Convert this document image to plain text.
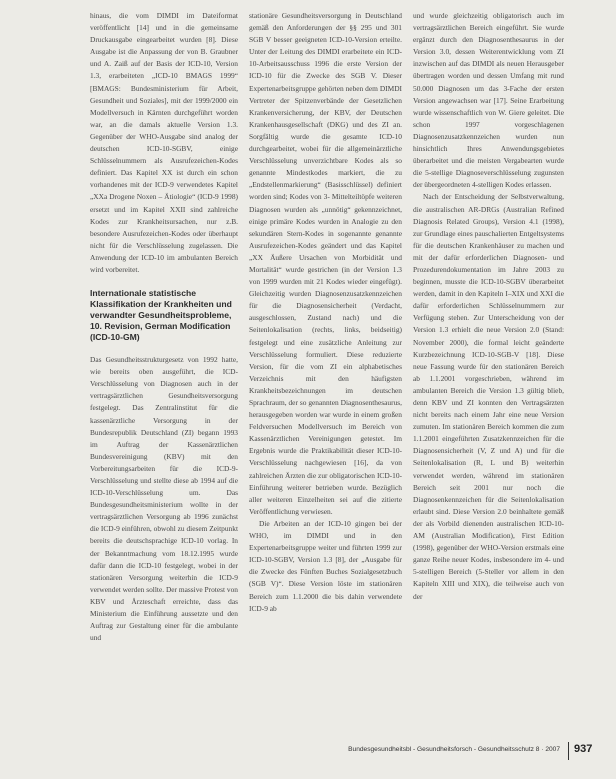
hinaus, die vom DIMDI im Dateiformat veröffentlicht [14] und in die gemeinsame Druckausgabe eingearbeitet wurden [8]. Diese Ausgabe ist die Anpassung der von B. Graubner und A. Zaiß auf der Basis der ICD-10, Version 1.3, erarbeiteten „ICD-10 BMAGS 1999“ [BMAGS: Bundesministerium für Arbeit, Gesundheit und Soziales], mit der 1999/2000 ein Modellversuch in Kärnten durchgeführt worden war, an die damals aktuelle Version 1.3. Gegenüber der WHO-Ausgabe sind analog der deutschen ICD-10-SGBV, einige Schlüsselnummern als Ausrufezeichen-Kodes definiert. Das Kapitel XX ist durch ein schon vorhandenes mit der ICD-9 verwendetes Kapitel „XXa Drogene Noxen – Ätiologie“ (ICD-9 1998) ersetzt und im Kapitel XXII sind zahlreiche Kodes zur Krankheitsursachen, nur z.B. besondere Ausrufezeichen-Kodes oder überhaupt nicht für die Verschlüsselung zugelassen. Die Anwendung der ICD-10 im ambulanten Bereich wird vorbereitet.

Internationale statistische Klassifikation der Krankheiten und verwandter Gesundheitsprobleme, 10. Revision, German Modification (ICD-10-GM)

Das Gesundheitsstrukturgesetz von 1992 hatte, wie bereits oben ausgeführt, die ICD-Verschlüsselung von Diagnosen auch in der vertragsärztlichen Gesundheitsversorgung festgelegt. Das Zentralinstitut für die kassenärztliche Versorgung in der Bundesrepublik Deutschland (ZI) begann 1993 im Auftrag der Kassenärztlichen Bundesvereinigung (KBV) mit den Vorbereitungsarbeiten für die ICD-9-Verschlüsselung und stellte diese ab 1994 auf die ICD-10-Verschlüsselung um. Das Bundesgesundheitsministerium wollte in der vertragsärztlichen Versorgung ab 1996 zunächst die ICD-9 einführen, obwohl zu diesem Zeitpunkt bereits die deutschsprachige ICD-10 vorlag. In der Bekanntmachung vom 18.12.1995 wurde dafür dann die ICD-10 festgelegt, wobei in der stationären Versorgung weiterhin die ICD-9 verwendet werden sollte. Der massive Protest von KBV und Ärzteschaft erreichte, dass das Ministerium die Einführung aussetzte und den Auftrag zur Gestaltung einer für die ambulante und

stationäre Gesundheitsversorgung in Deutschland gemäß den Anforderungen der §§ 295 und 301 SGB V besser geeigneten ICD-10-Version erteilte. Unter der Leitung des DIMDI erarbeitete ein ICD-10-Arbeitsausschuss 1996 die erste Version der ICD-10 für die Zwecke des SGB V. Dieser Expertenarbeitsgruppe gehörten neben dem DIMDI Vertreter der Spitzenverbände der Gesetzlichen Krankenversicherung, der KBV, der Deutschen Krankenhausgesellschaft (DKG) und des ZI an. Sorgfältig wurde die gesamte ICD-10 durchgearbeitet, wobei für die allgemeinärztliche Verschlüsselung unverzichtbare Kodes als so genannte Mindestkodes markiert, die zu „Endstellenmarkierung“ (Basisschlüssel) definiert worden sind; Kodes von 3- Mittelteiltöpfe weiteren Diagnosen wurden als „unnötig“ gekennzeichnet, einige primäre Kodes wurden in Analogie zu den sekundären Stern-Kodes in sogenannte genannte Ausrufezeichen-Kodes geändert und das Kapitel „XX Äußere Ursachen von Morbidität und Mortalität“ wurde gestrichen (in der Version 1.3 von 1999 wurden mit 21 Kodes wieder eingefügt). Gleichzeitig wurden Diagnosenzusatzkennzeichen für die Diagnosensicherheit (Verdacht, ausgeschlossen, Zustand nach) und die Seitenlokalisation (rechts, links, beidseitig) festgelegt und eine zusätzliche Anleitung zur Verschlüsselung formuliert. Diese reduzierte Version, für die vom ZI ein alphabetisches Verzeichnis mit den häufigsten Krankheitsbezeichnungen im deutschen Sprachraum, der so genannten Diagnosenthesaurus, herausgegeben worden war wurde in einem großen Feldversuchen Modellversuch im Bereich von Kassenärztlichen Vereinigungen getestet. Im Ergebnis wurde die Praktikabilität dieser ICD-10-Verschlüsselung nachgewiesen [16], da von zahlreichen Ärzten die zur obligatorischen ICD-10-Einführung weiterer betrieben wurde. Bezüglich aller weiteren Einzelheiten sei auf die zitierte Veröffentlichung verwiesen.

Die Arbeiten an der ICD-10 gingen bei der WHO, im DIMDI und in den Expertenarbeitsgruppe weiter und führten 1999 zur ICD-10-SGBV, Version 1.3 [8], der „Ausgabe für die Zwecke des Fünften Buches Sozialgesetzbuch (SGB V)“. Diese Version löste im stationären Bereich zum 1.1.2000 die bis dahin verwendete ICD-9 ab

und wurde gleichzeitig obligatorisch auch im vertragsärztlichen Bereich eingeführt. Sie wurde ergänzt durch den Diagnosenthesaurus in der Version 3.0, dessen Weiterentwicklung vom ZI inzwischen auf das DIMDI als neuen Herausgeber übertragen worden und dessen Umfang mit rund 50.000 Diagnosen um das 3-Fache der ersten Version angewachsen war [17]. Seine Erarbeitung wurde wissenschaftlich von W. Giere geleitet. Die schon 1997 vorgeschlagenen Diagnosenzusatzkennzeichen wurden nun hinsichtlich Ihres Anwendungsgebietes überarbeitet und die meisten Vergabearten wurde die 5-stellige Diagnoseverschlüsselung zugunsten der übergeordneten 4-stelligen Kodes erlassen.

Nach der Entscheidung der Selbstverwaltung, die australischen AR-DRGs (Australian Refined Diagnosis Related Groups), Version 4.1 (1998), zur Grundlage eines pauschalierten Entgeltsystems für die deutschen Krankenhäuser zu machen und mit der dafür erforderlichen Diagnosen- und Prozedurendokumentation im Jahre 2003 zu beginnen, musste die ICD-10-SGBV überarbeitet werden, damit in den Kapiteln I–XIX und XXI die dafür erforderlichen Schlüsselnummern zur Verfügung stehen. Zur Unterscheidung von der Version 1.3 erhielt die neue Version 2.0 (Stand: November 2000), die formal leicht geänderte Kurzbezeichnung ICD-10-SGB-V [18]. Diese neue Fassung wurde für den stationären Bereich ab 1.1.2001 vorgeschrieben, während im ambulanten Bereich die Version 1.3 gültig blieb, denn KBV und ZI konnten den Vertragsärzten nicht bereits nach einem Jahr eine neue Version zumuten. Im stationären Bereich kommen die zum 1.1.2001 eingeführten Zusatzkennzeichen für die Diagnosensicherheit (V, Z und A) und für die Seitenlokalisation (R, L und B) weiterhin verwendet werden, während im stationären Bereich seit 2001 nur noch die Diagnosenkennzeichen für die Seitenlokalisation erlaubt sind. Diese Version 2.0 beinhaltete gemäß der als Vorbild dienenden australischen ICD-10-AM (Australian Modification), First Edition (1998), gegenüber der WHO-Version erstmals eine ganze Reihe neuer Kodes, insbesondere im 4- und 5-stelligen Bereich (5-Steller vor allem in den Kapiteln XIII und XIX), die teilweise auch von der

Bundesgesundheitsbl - Gesundheitsforsch - Gesundheitsschutz 8 · 2007 937
